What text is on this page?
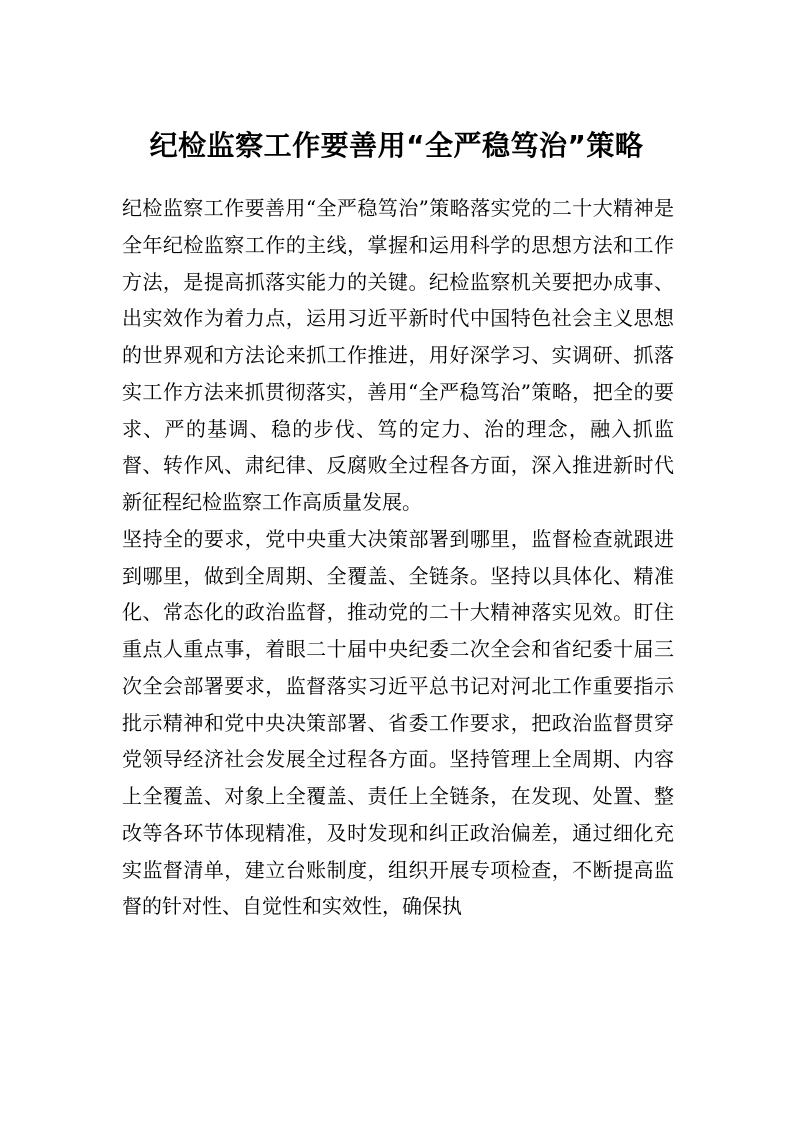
纪检监察工作要善用“全严稳笃治”策略

纪检监察工作要善用“全严稳笃治”策略落实党的二十大精神是全年纪检监察工作的主线，掌握和运用科学的思想方法和工作方法，是提高抓落实能力的关键。纪检监察机关要把办成事、出实效作为着力点，运用习近平新时代中国特色社会主义思想的世界观和方法论来抓工作推进，用好深学习、实调研、抓落实工作方法来抓贯彻落实，善用“全严稳笃治”策略，把全的要求、严的基调、稳的步伐、笃的定力、治的理念，融入抓监督、转作风、肃纪律、反腐败全过程各方面，深入推进新时代新征程纪检监察工作高质量发展。

坚持全的要求，党中央重大决策部署到哪里，监督检查就跟进到哪里，做到全周期、全覆盖、全链条。坚持以具体化、精准化、常态化的政治监督，推动党的二十大精神落实见效。盯住重点人重点事，着眼二十届中央纪委二次全会和省纪委十届三次全会部署要求，监督落实习近平总书记对河北工作重要指示批示精神和党中央决策部署、省委工作要求，把政治监督贯穿党领导经济社会发展全过程各方面。坚持管理上全周期、内容上全覆盖、对象上全覆盖、责任上全链条，在发现、处置、整改等各环节体现精准，及时发现和纠正政治偏差，通过细化充实监督清单，建立台账制度，组织开展专项检查，不断提高监督的针对性、自觉性和实效性，确保执
